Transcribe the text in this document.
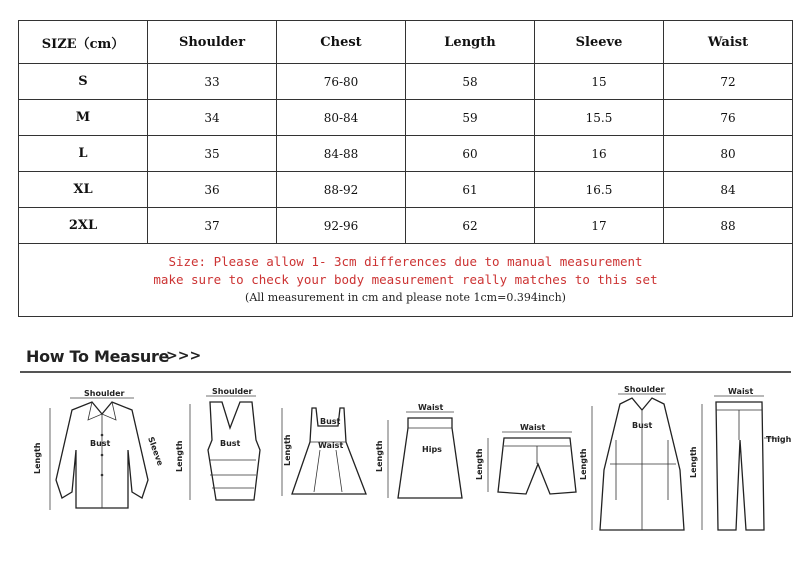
SIZE（cm）	Shoulder	Chest	Length	Sleeve	Waist
S	33	76-80	58	15	72
M	34	80-84	59	15.5	76
L	35	84-88	60	16	80
XL	36	88-92	61	16.5	84
2XL	37	92-96	62	17	88

Size: Please allow 1- 3cm differences due to manual measurement
make sure to check your body measurement really matches to this set
(All measurement in cm and please note 1cm=0.394inch)					
How To Measure
>>>
Shoulder
Bust
Length	Sleeve
Shoulder
Bust
Length
Bust
Waist
Length
Waist
Hips
Length
Waist
Length
Shoulder
Bust
Length
Waist
Thigh
Length
